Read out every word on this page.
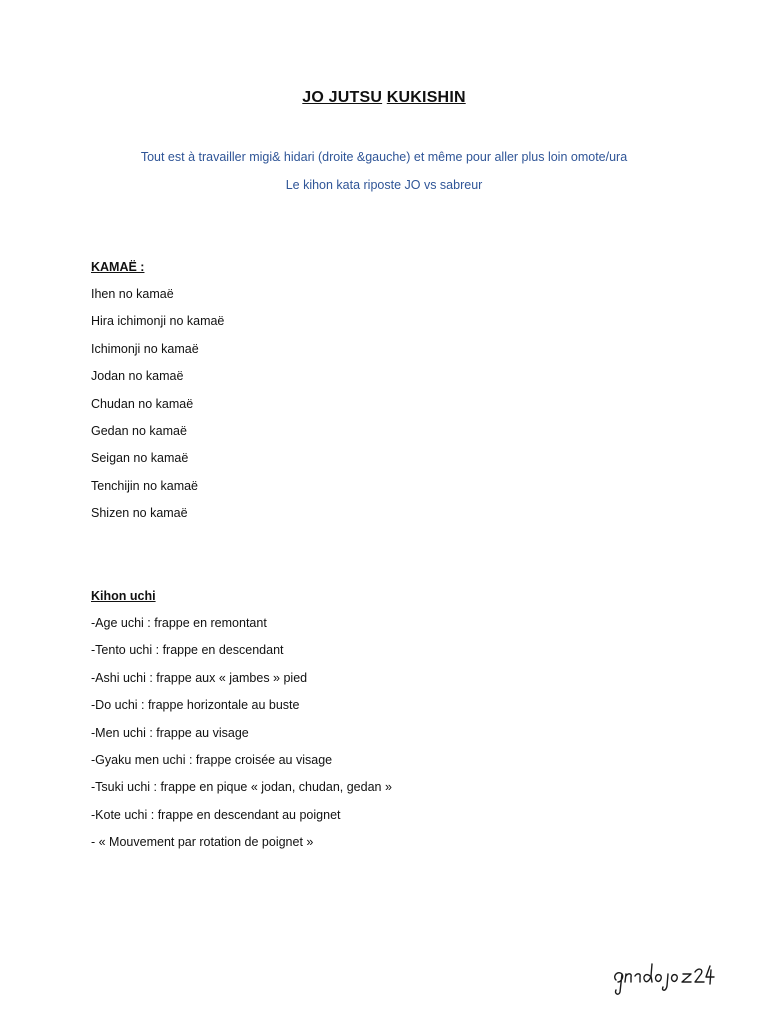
JO JUTSU KUKISHIN
Tout est à travailler migi& hidari (droite &gauche) et même pour aller plus loin omote/ura
Le kihon kata riposte JO vs sabreur
KAMAË :
Ihen no kamaë
Hira ichimonji no kamaë
Ichimonji no kamaë
Jodan no kamaë
Chudan no kamaë
Gedan no kamaë
Seigan no kamaë
Tenchijin no kamaë
Shizen no kamaë
Kihon uchi
-Age uchi : frappe en remontant
-Tento uchi : frappe en descendant
-Ashi uchi : frappe aux « jambes » pied
-Do uchi : frappe horizontale au buste
-Men uchi : frappe au visage
-Gyaku men uchi : frappe croisée au visage
-Tsuki uchi : frappe en pique « jodan, chudan, gedan »
-Kote uchi : frappe en descendant au poignet
- « Mouvement par rotation de poignet »
